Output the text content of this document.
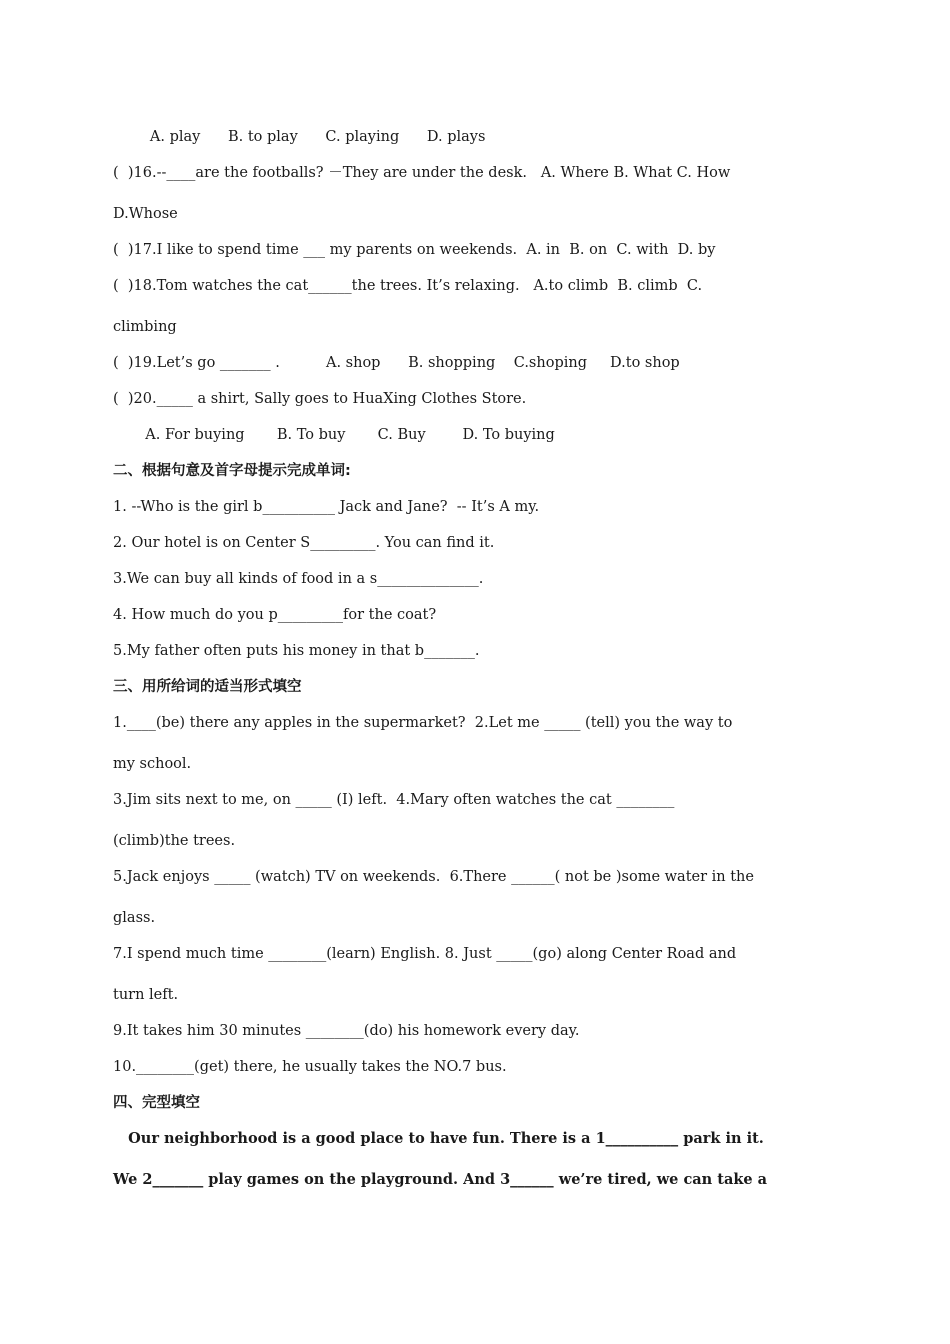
A. play      B. to play      C. playing      D. plays
(  )16.--____are the footballs? －They are under the desk.   A. Where B. What C. How
D.Whose
(  )17.I like to spend time ___ my parents on weekends.  A. in  B. on  C. with  D. by
(  )18.Tom watches the cat______the trees. It’s relaxing.   A.to climb  B. climb  C.
climbing
(  )19.Let’s go _______ .          A. shop      B. shopping    C.shoping     D.to shop
(  )20._____ a shirt, Sally goes to HuaXing Clothes Store.
A. For buying       B. To buy       C. Buy        D. To buying
二、根据句意及首字母提示完成单词:
1. --Who is the girl b__________ Jack and Jane?  -- It’s A my.
2. Our hotel is on Center S_________. You can find it.
3.We can buy all kinds of food in a s______________.
4. How much do you p_________for the coat?
5.My father often puts his money in that b_______.
三、用所给词的适当形式填空
1.____(be) there any apples in the supermarket?  2.Let me _____ (tell) you the way to
my school.
3.Jim sits next to me, on _____ (I) left.  4.Mary often watches the cat ________
(climb)the trees.
5.Jack enjoys _____ (watch) TV on weekends.  6.There ______( not be )some water in the
glass.
7.I spend much time ________(learn) English. 8. Just _____(go) along Center Road and
turn left.
9.It takes him 30 minutes ________(do) his homework every day.
10.________(get) there, he usually takes the NO.7 bus.
四、完型填空
Our neighborhood is a good place to have fun. There is a 1__________ park in it.
We 2_______ play games on the playground. And 3______ we’re tired, we can take a
